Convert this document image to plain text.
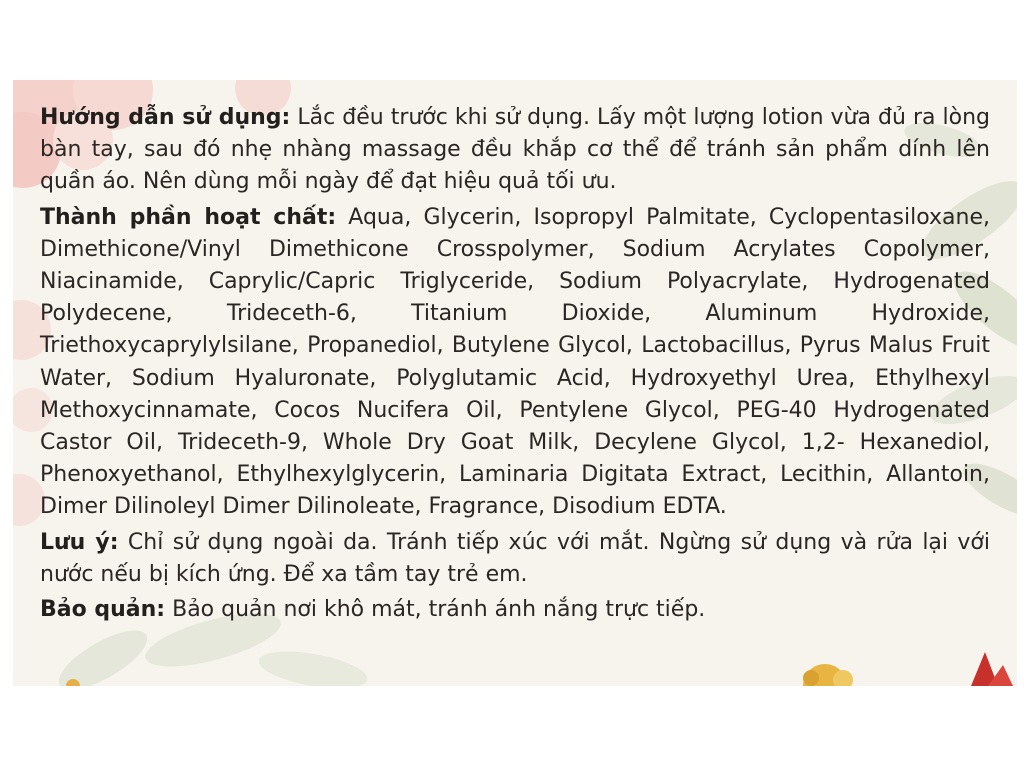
Hướng dẫn sử dụng: Lắc đều trước khi sử dụng. Lấy một lượng lotion vừa đủ ra lòng bàn tay, sau đó nhẹ nhàng massage đều khắp cơ thể để tránh sản phẩm dính lên quần áo. Nên dùng mỗi ngày để đạt hiệu quả tối ưu.

Thành phần hoạt chất: Aqua, Glycerin, Isopropyl Palmitate, Cyclopentasiloxane, Dimethicone/Vinyl Dimethicone Crosspolymer, Sodium Acrylates Copolymer, Niacinamide, Caprylic/Capric Triglyceride, Sodium Polyacrylate, Hydrogenated Polydecene, Trideceth-6, Titanium Dioxide, Aluminum Hydroxide, Triethoxycaprylylsilane, Propanediol, Butylene Glycol, Lactobacillus, Pyrus Malus Fruit Water, Sodium Hyaluronate, Polyglutamic Acid, Hydroxyethyl Urea, Ethylhexyl Methoxycinnamate, Cocos Nucifera Oil, Pentylene Glycol, PEG-40 Hydrogenated Castor Oil, Trideceth-9, Whole Dry Goat Milk, Decylene Glycol, 1,2- Hexanediol, Phenoxyethanol, Ethylhexylglycerin, Laminaria Digitata Extract, Lecithin, Allantoin, Dimer Dilinoleyl Dimer Dilinoleate, Fragrance, Disodium EDTA.

Lưu ý: Chỉ sử dụng ngoài da. Tránh tiếp xúc với mắt. Ngừng sử dụng và rửa lại với nước nếu bị kích ứng. Để xa tầm tay trẻ em.

Bảo quản: Bảo quản nơi khô mát, tránh ánh nắng trực tiếp.
